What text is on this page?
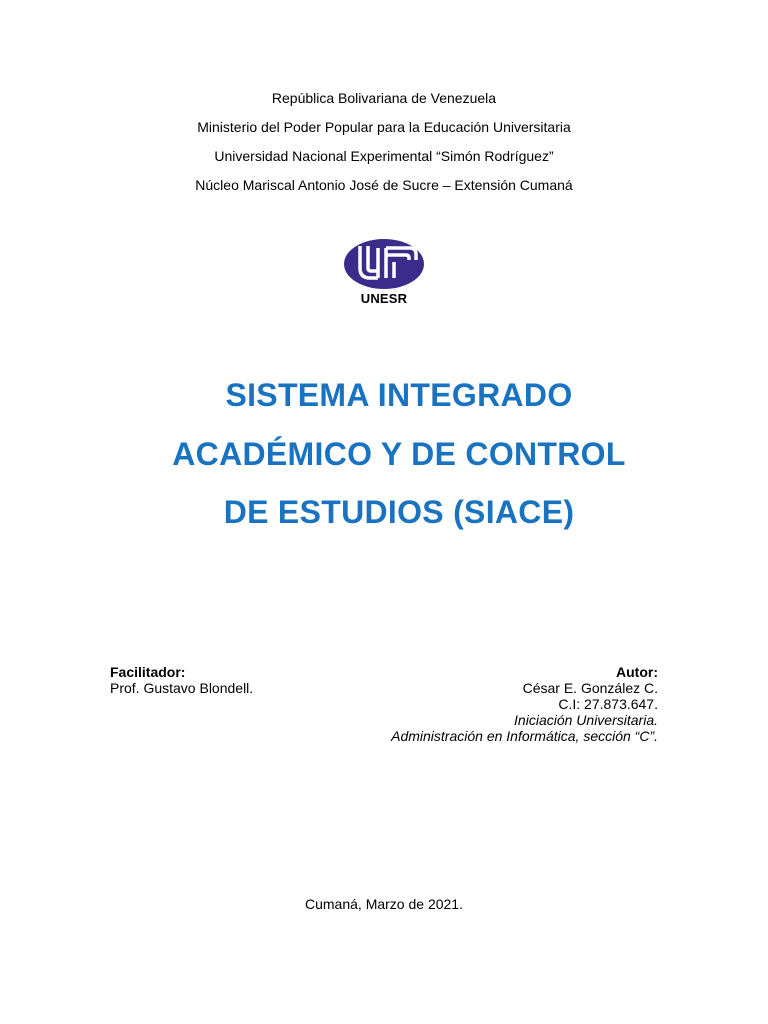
República Bolivariana de Venezuela
Ministerio del Poder Popular para la Educación Universitaria
Universidad Nacional Experimental “Simón Rodríguez”
Núcleo Mariscal Antonio José de Sucre – Extensión Cumaná
UNESR
SISTEMA INTEGRADO
ACADÉMICO Y DE CONTROL
DE ESTUDIOS (SIACE)
Facilitador:
Prof. Gustavo Blondell.
Autor:
César E. González C.
C.I: 27.873.647.
Iniciación Universitaria.
Administración en Informática, sección “C”.
Cumaná, Marzo de 2021.
